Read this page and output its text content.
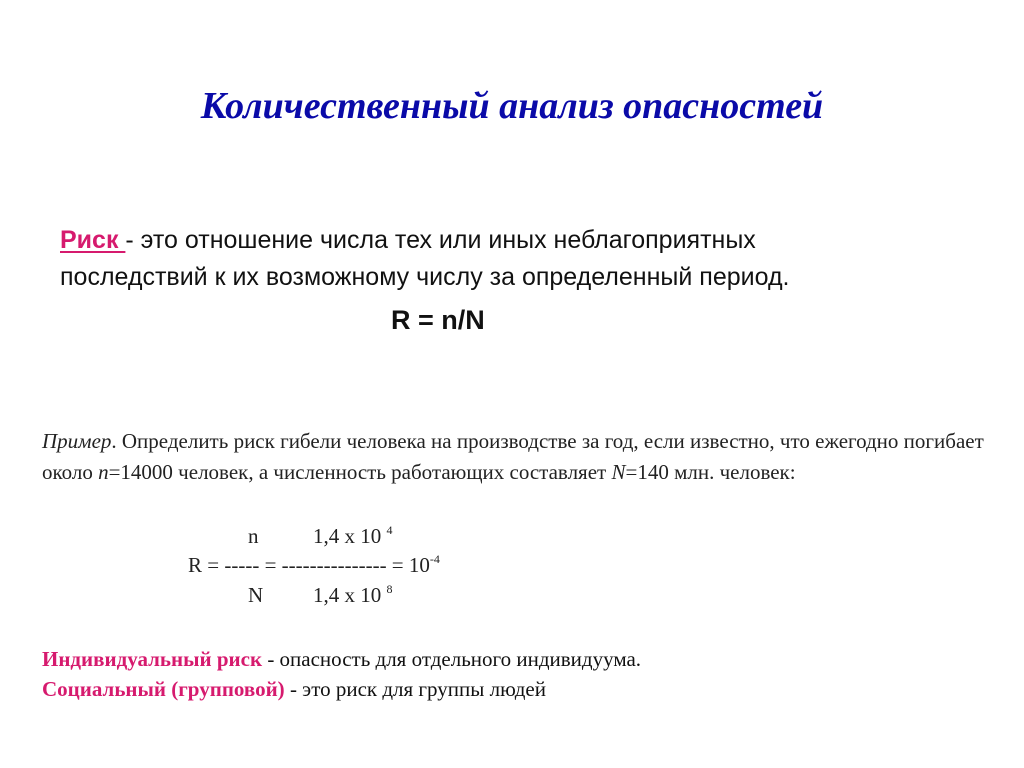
Количественный анализ опасностей
Риск - это отношение числа тех или иных неблагоприятных
последствий к их возможному числу за определенный период.
R = n/N
Пример. Определить риск гибели человека на производстве за год, если известно, что ежегодно погибает около n=14000 человек, а численность работающих составляет N=140 млн. человек:
n	1,4 х 10 $^4$
R = ----- = --------------- = $10^{-4}$
N 1,4 х 10 $^8$
Индивидуальный риск - опасность для отдельного индивидуума.
Социальный (групповой) - это риск для группы людей
